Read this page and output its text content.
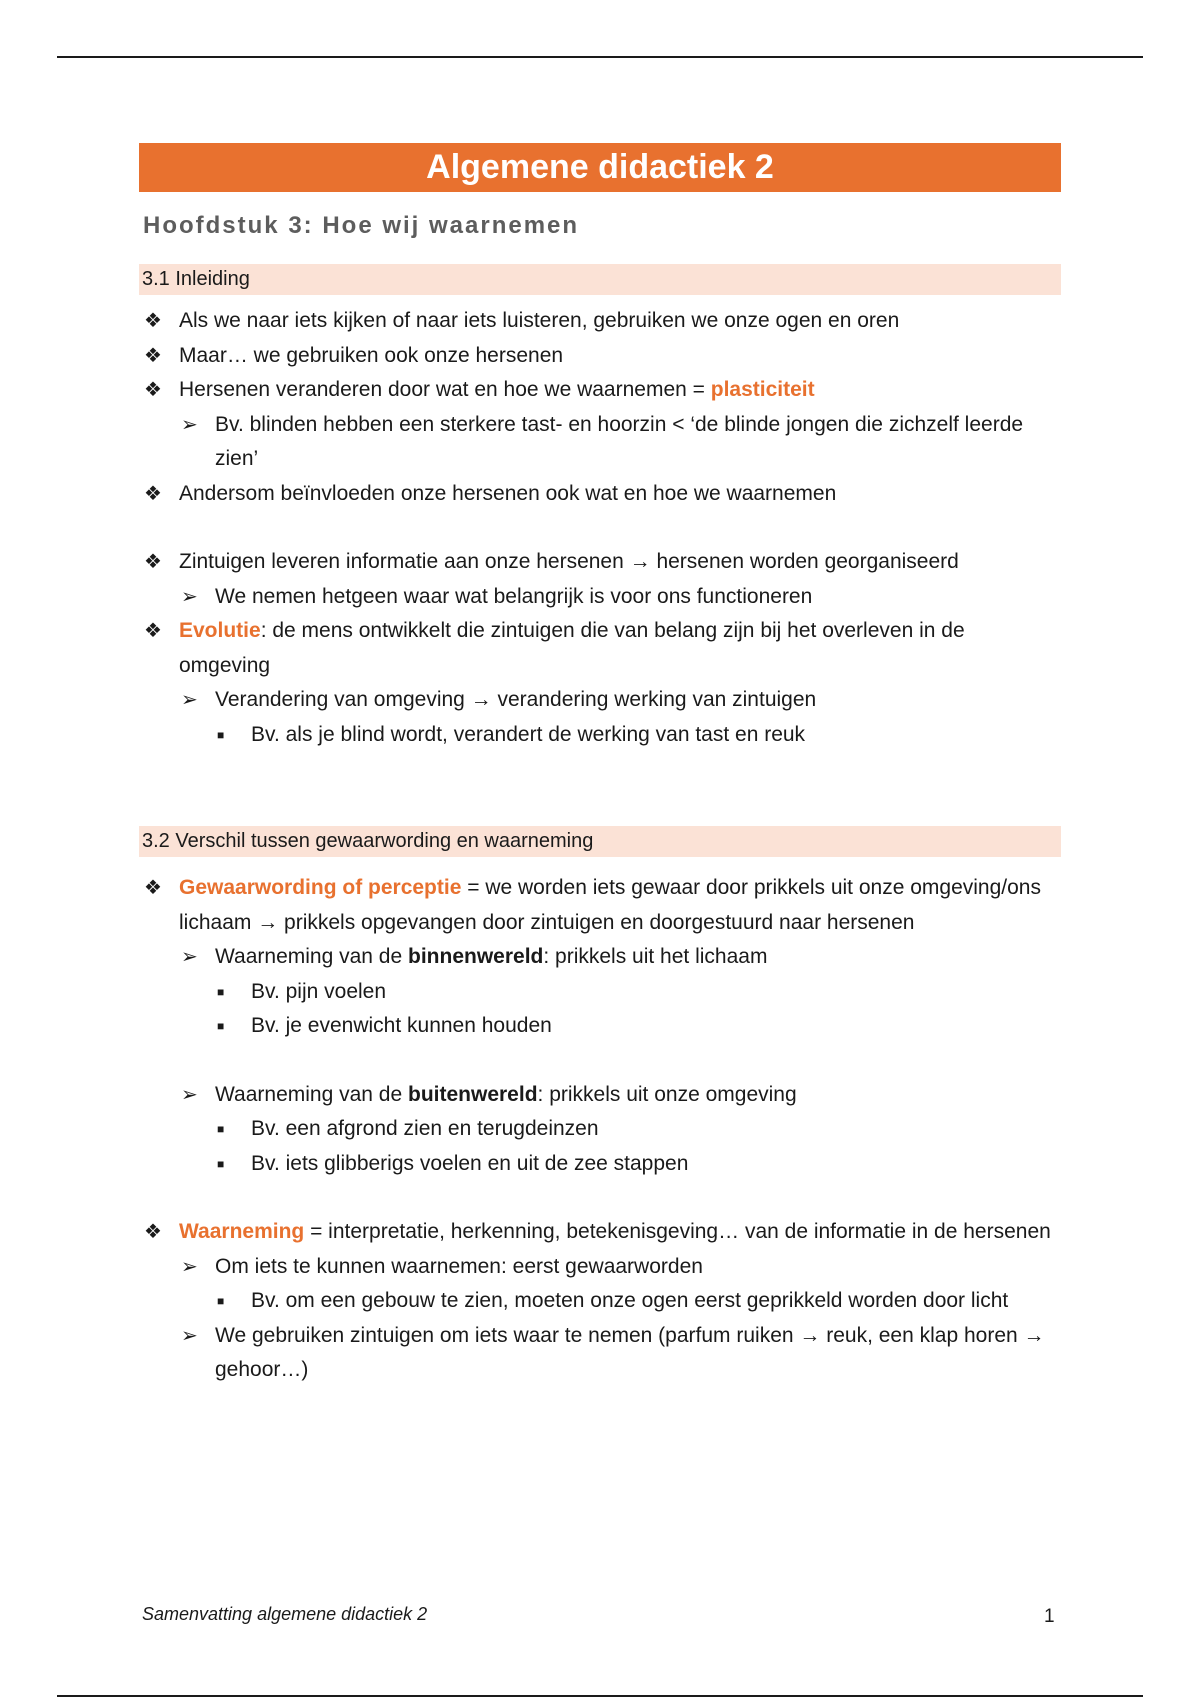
Algemene didactiek 2
Hoofdstuk 3: Hoe wij waarnemen
3.1 Inleiding
❖ Als we naar iets kijken of naar iets luisteren, gebruiken we onze ogen en oren
❖ Maar… we gebruiken ook onze hersenen
❖ Hersenen veranderen door wat en hoe we waarnemen = plasticiteit
➢ Bv. blinden hebben een sterkere tast- en hoorzin < ‘de blinde jongen die zichzelf leerde zien’
❖ Andersom beïnvloeden onze hersenen ook wat en hoe we waarnemen
❖ Zintuigen leveren informatie aan onze hersenen → hersenen worden georganiseerd
➢ We nemen hetgeen waar wat belangrijk is voor ons functioneren
❖ Evolutie: de mens ontwikkelt die zintuigen die van belang zijn bij het overleven in de omgeving
➢ Verandering van omgeving → verandering werking van zintuigen
■ Bv. als je blind wordt, verandert de werking van tast en reuk
3.2 Verschil tussen gewaarwording en waarneming
❖ Gewaarwording of perceptie = we worden iets gewaar door prikkels uit onze omgeving/ons lichaam → prikkels opgevangen door zintuigen en doorgestuurd naar hersenen
➢ Waarneming van de binnenwereld: prikkels uit het lichaam
■ Bv. pijn voelen
■ Bv. je evenwicht kunnen houden
➢ Waarneming van de buitenwereld: prikkels uit onze omgeving
■ Bv. een afgrond zien en terugdeinzen
■ Bv. iets glibberigs voelen en uit de zee stappen
❖ Waarneming = interpretatie, herkenning, betekenisgeving… van de informatie in de hersenen
➢ Om iets te kunnen waarnemen: eerst gewaarworden
■ Bv. om een gebouw te zien, moeten onze ogen eerst geprikkeld worden door licht
➢ We gebruiken zintuigen om iets waar te nemen (parfum ruiken → reuk, een klap horen → gehoor…)
Samenvatting algemene didactiek 2	1
